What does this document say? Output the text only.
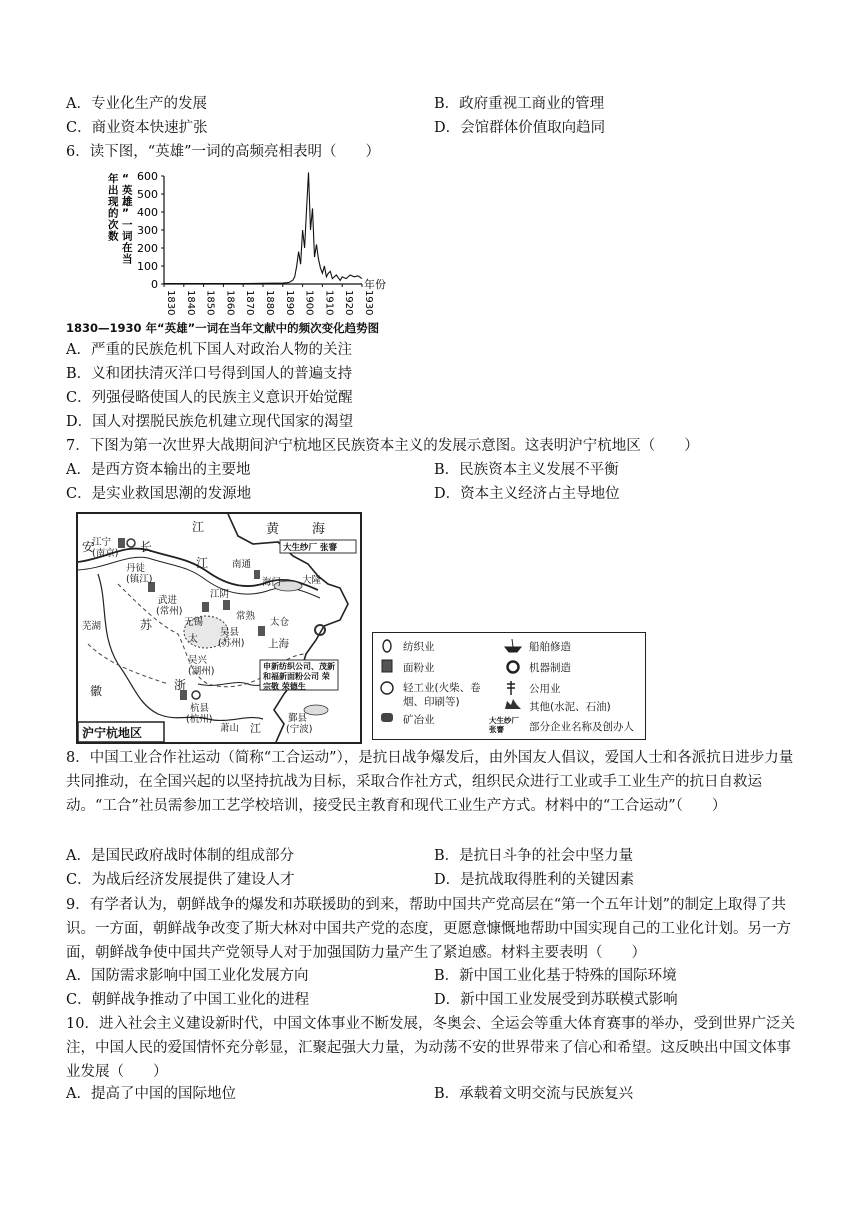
A．专业化生产的发展	B．政府重视工商业的管理
C．商业资本快速扩张	D．会馆群体价值取向趋同
6．读下图，“英雄”一词的高频亮相表明（　　）
年出现的次数
“英雄”一词在当
0
100
200
300
400
500
600
1830 1840 1850 1860 1870 1880 1890 1900 1910 1920 1930
年份
1830—1930 年“英雄”一词在当年文献中的频次变化趋势图
A．严重的民族危机下国人对政治人物的关注
B．义和团扶清灭洋口号得到国人的普遍支持
C．列强侵略使国人的民族主义意识开始觉醒
D．国人对摆脱民族危机建立现代国家的渴望
7．下图为第一次世界大战期间沪宁杭地区民族资本主义的发展示意图。这表明沪宁杭地区（　　）
A．是西方资本输出的主要地	B．民族资本主义发展不平衡
C．是实业救国思潮的发源地	D．资本主义经济占主导地位
江	黄	海
安
江宁
(南京) 长
丹徒
(镇江)
江	南通
海门 大隆
武进
(常州)
江阴
无锡
常熟
太仓
芜湖	苏
太	上海
吴县
(苏州)
吴兴
(湖州)
徽	浙
杭县
(杭州)
萧山 江
鄞县
(宁波)
大生纱厂 张謇
申新纺织公司、茂新和福新面粉公司 荣宗敬 荣德生
沪宁杭地区
纺织业
面粉业
轻工业(火柴、卷烟、印刷等)
矿冶业
船舶修造
机器制造
公用业
其他(水泥、石油)
大生纱厂 张謇	部分企业名称及创办人
8．中国工业合作社运动（简称“工合运动”），是抗日战争爆发后，由外国友人倡议，爱国人士和各派抗日进步力量共同推动，在全国兴起的以坚持抗战为目标，采取合作社方式，组织民众进行工业或手工业生产的抗日自救运动。“工合”社员需参加工艺学校培训，接受民主教育和现代工业生产方式。材料中的“工合运动”（　　）
A．是国民政府战时体制的组成部分	B．是抗日斗争的社会中坚力量
C．为战后经济发展提供了建设人才	D．是抗战取得胜利的关键因素
9．有学者认为，朝鲜战争的爆发和苏联援助的到来，帮助中国共产党高层在“第一个五年计划”的制定上取得了共识。一方面，朝鲜战争改变了斯大林对中国共产党的态度，更愿意慷慨地帮助中国实现自己的工业化计划。另一方面，朝鲜战争使中国共产党领导人对于加强国防力量产生了紧迫感。材料主要表明（　　）
A．国防需求影响中国工业化发展方向	B．新中国工业化基于特殊的国际环境
C．朝鲜战争推动了中国工业化的进程	D．新中国工业发展受到苏联模式影响
10．进入社会主义建设新时代，中国文体事业不断发展，冬奥会、全运会等重大体育赛事的举办，受到世界广泛关注，中国人民的爱国情怀充分彰显，汇聚起强大力量，为动荡不安的世界带来了信心和希望。这反映出中国文体事业发展（　　）
A．提高了中国的国际地位	B．承载着文明交流与民族复兴
